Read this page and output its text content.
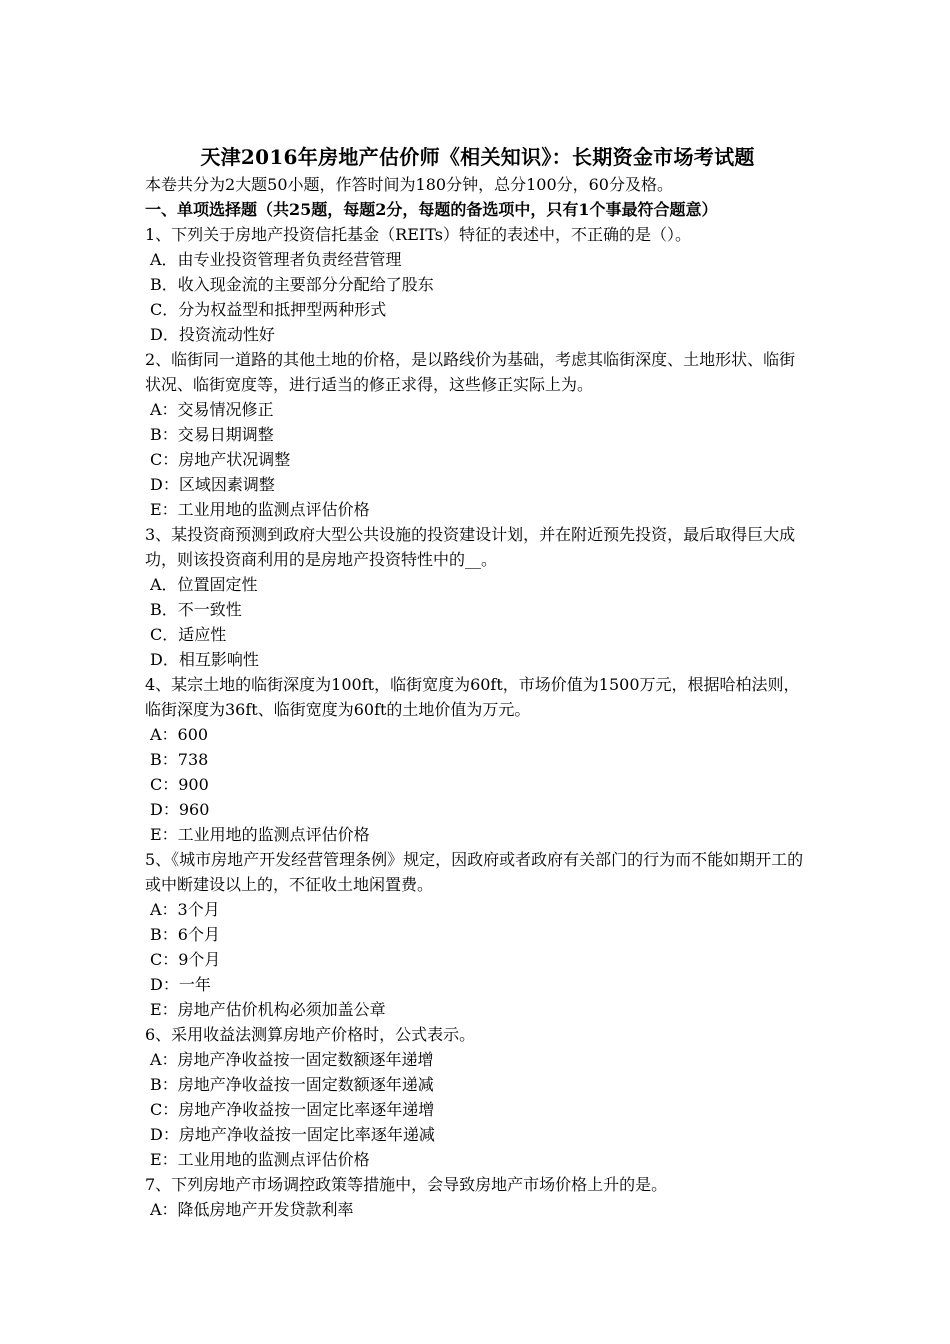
天津2016年房地产估价师《相关知识》：长期资金市场考试题
本卷共分为2大题50小题，作答时间为180分钟，总分100分，60分及格。
一、单项选择题（共25题，每题2分，每题的备选项中，只有1个事最符合题意）
1、下列关于房地产投资信托基金（REITs）特征的表述中，不正确的是（）。
A．由专业投资管理者负责经营管理
B．收入现金流的主要部分分配给了股东
C．分为权益型和抵押型两种形式
D．投资流动性好
2、临街同一道路的其他土地的价格，是以路线价为基础，考虑其临街深度、土地形状、临街状况、临街宽度等，进行适当的修正求得，这些修正实际上为。
A：交易情况修正
B：交易日期调整
C：房地产状况调整
D：区域因素调整
E：工业用地的监测点评估价格
3、某投资商预测到政府大型公共设施的投资建设计划，并在附近预先投资，最后取得巨大成功，则该投资商利用的是房地产投资特性中的__。
A．位置固定性
B．不一致性
C．适应性
D．相互影响性
4、某宗土地的临街深度为100ft，临街宽度为60ft，市场价值为1500万元，根据哈柏法则，临街深度为36ft、临街宽度为60ft的土地价值为万元。
A：600
B：738
C：900
D：960
E：工业用地的监测点评估价格
5、《城市房地产开发经营管理条例》规定，因政府或者政府有关部门的行为而不能如期开工的或中断建设以上的，不征收土地闲置费。
A：3个月
B：6个月
C：9个月
D：一年
E：房地产估价机构必须加盖公章
6、采用收益法测算房地产价格时，公式表示。
A：房地产净收益按一固定数额逐年递增
B：房地产净收益按一固定数额逐年递减
C：房地产净收益按一固定比率逐年递增
D：房地产净收益按一固定比率逐年递减
E：工业用地的监测点评估价格
7、下列房地产市场调控政策等措施中，会导致房地产市场价格上升的是。
A：降低房地产开发贷款利率
